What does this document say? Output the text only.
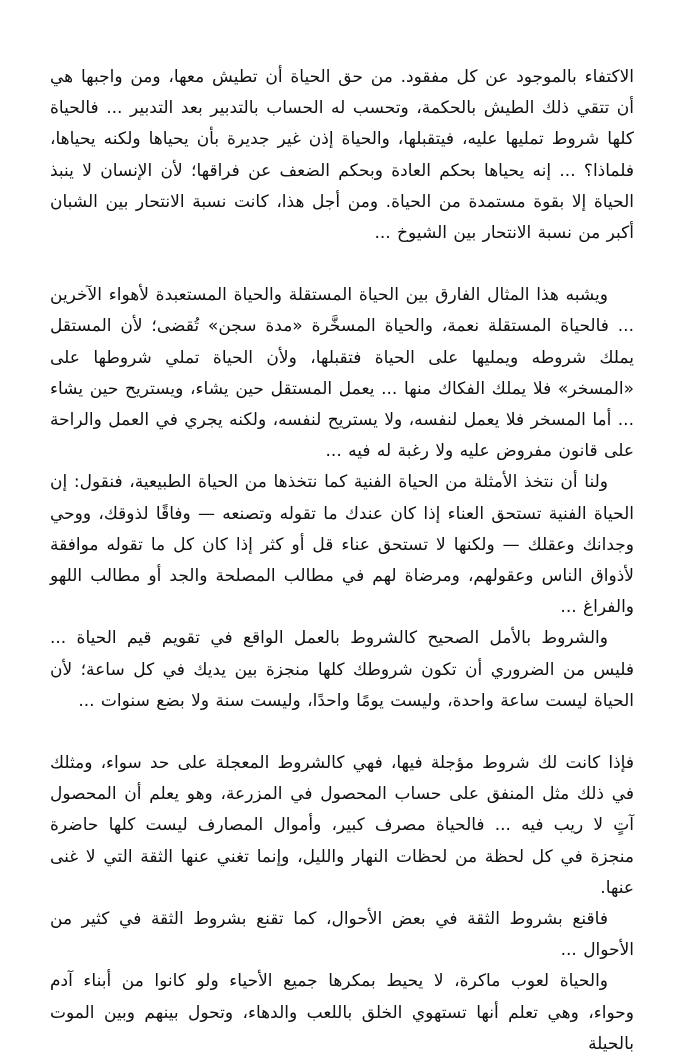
الاكتفاء بالموجود عن كل مفقود. من حق الحياة أن تطيش معها، ومن واجبها هي أن تتقي ذلك الطيش بالحكمة، وتحسب له الحساب بالتدبير بعد التدبير ... فالحياة كلها شروط تمليها عليه، فيتقبلها، والحياة إذن غير جديرة بأن يحياها ولكنه يحياها، فلماذا؟ ... إنه يحياها بحكم العادة وبحكم الضعف عن فراقها؛ لأن الإنسان لا ينبذ الحياة إلا بقوة مستمدة من الحياة. ومن أجل هذا، كانت نسبة الانتحار بين الشبان أكبر من نسبة الانتحار بين الشيوخ ...

ويشبه هذا المثال الفارق بين الحياة المستقلة والحياة المستعبدة لأهواء الآخرين ... فالحياة المستقلة نعمة، والحياة المسخَّرة «مدة سجن» تُقضى؛ لأن المستقل يملك شروطه ويمليها على الحياة فتقبلها، ولأن الحياة تملي شروطها على «المسخر» فلا يملك الفكاك منها ... يعمل المستقل حين يشاء، ويستريح حين يشاء ... أما المسخر فلا يعمل لنفسه، ولا يستريح لنفسه، ولكنه يجري في العمل والراحة على قانون مفروض عليه ولا رغبة له فيه ...

ولنا أن نتخذ الأمثلة من الحياة الفنية كما نتخذها من الحياة الطبيعية، فنقول: إن الحياة الفنية تستحق العناء إذا كان عندك ما تقوله وتصنعه — وفاقًا لذوقك، ووحي وجدانك وعقلك — ولكنها لا تستحق عناء قل أو كثر إذا كان كل ما تقوله موافقة لأذواق الناس وعقولهم، ومرضاة لهم في مطالب المصلحة والجد أو مطالب اللهو والفراغ ...

والشروط بالأمل الصحيح كالشروط بالعمل الواقع في تقويم قيم الحياة ... فليس من الضروري أن تكون شروطك كلها منجزة بين يديك في كل ساعة؛ لأن الحياة ليست ساعة واحدة، وليست يومًا واحدًا، وليست سنة ولا بضع سنوات ...

فإذا كانت لك شروط مؤجلة فيها، فهي كالشروط المعجلة على حد سواء، ومثلك في ذلك مثل المنفق على حساب المحصول في المزرعة، وهو يعلم أن المحصول آتٍ لا ريب فيه ... فالحياة مصرف كبير، وأموال المصارف ليست كلها حاضرة منجزة في كل لحظة من لحظات النهار والليل، وإنما تغني عنها الثقة التي لا غنى عنها.

فاقنع بشروط الثقة في بعض الأحوال، كما تقنع بشروط الثقة في كثير من الأحوال ...

والحياة لعوب ماكرة، لا يحيط بمكرها جميع الأحياء ولو كانوا من أبناء آدم وحواء، وهي تعلم أنها تستهوي الخلق باللعب والدهاء، وتحول بينهم وبين الموت بالحيلة
